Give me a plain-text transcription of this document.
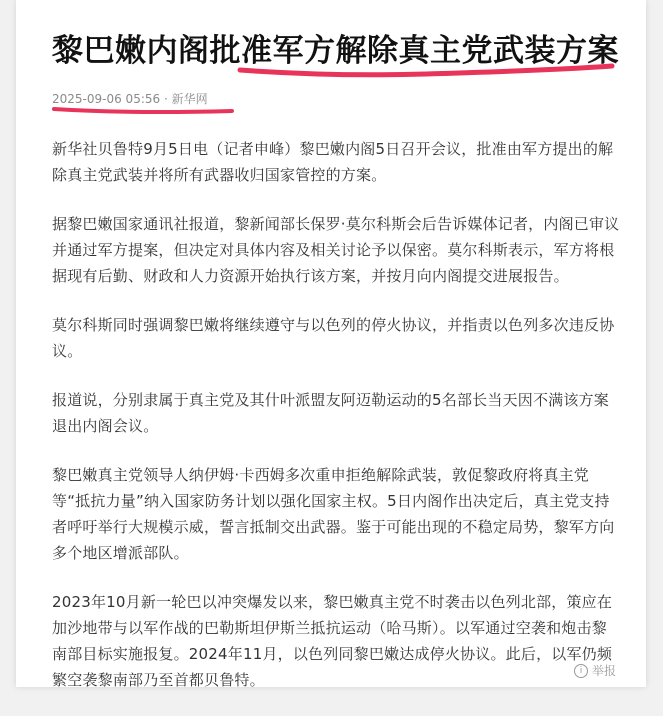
黎巴嫩内阁批准军方解除真主党武装方案
2025-09-06 05:56 · 新华网

新华社贝鲁特9月5日电（记者申峰）黎巴嫩内阁5日召开会议，批准由军方提出的解除真主党武装并将所有武器收归国家管控的方案。

据黎巴嫩国家通讯社报道，黎新闻部长保罗·莫尔科斯会后告诉媒体记者，内阁已审议并通过军方提案，但决定对具体内容及相关讨论予以保密。莫尔科斯表示，军方将根据现有后勤、财政和人力资源开始执行该方案，并按月向内阁提交进展报告。

莫尔科斯同时强调黎巴嫩将继续遵守与以色列的停火协议，并指责以色列多次违反协议。

报道说，分别隶属于真主党及其什叶派盟友阿迈勒运动的5名部长当天因不满该方案退出内阁会议。

黎巴嫩真主党领导人纳伊姆·卡西姆多次重申拒绝解除武装，敦促黎政府将真主党等“抵抗力量”纳入国家防务计划以强化国家主权。5日内阁作出决定后，真主党支持者呼吁举行大规模示威，誓言抵制交出武器。鉴于可能出现的不稳定局势，黎军方向多个地区增派部队。

2023年10月新一轮巴以冲突爆发以来，黎巴嫩真主党不时袭击以色列北部，策应在加沙地带与以军作战的巴勒斯坦伊斯兰抵抗运动（哈马斯）。以军通过空袭和炮击黎南部目标实施报复。2024年11月，以色列同黎巴嫩达成停火协议。此后，以军仍频繁空袭黎南部乃至首都贝鲁特。

i 举报
